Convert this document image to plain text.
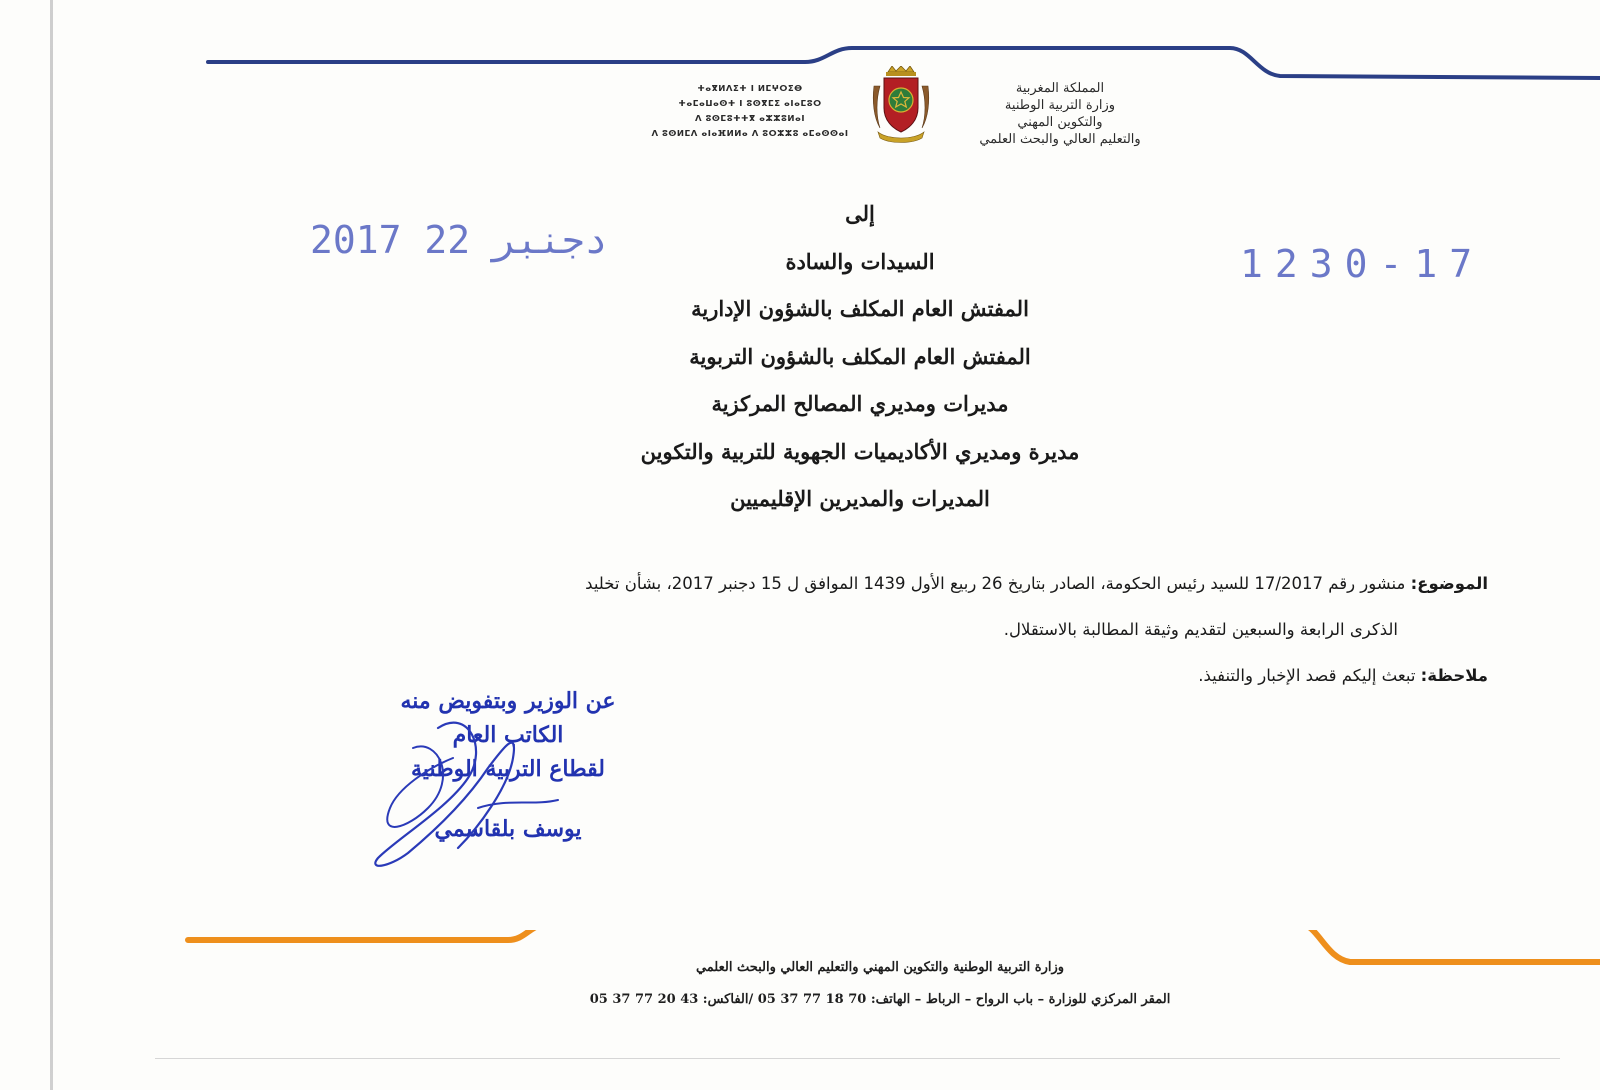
ⵜⴰⴳⵍⴷⵉⵜ ⵏ ⵍⵎⵖⵔⵉⴱ
ⵜⴰⵎⴰⵡⴰⵙⵜ ⵏ ⵓⵙⴳⵎⵉ ⴰⵏⴰⵎⵓⵔ
ⴷ ⵓⵙⵎⵓⵜⵜⴳ ⴰⵣⵣⵓⵍⴰⵏ
ⴷ ⵓⵙⵍⵎⴷ ⴰⵏⴰⴼⵍⵍⴰ ⴷ ⵓⵔⵣⵣⵓ ⴰⵎⴰⵙⵙⴰⵏ
المملكة المغربية
وزارة التربية الوطنية
والتكوين المهني
والتعليم العالي والبحث العلمي
2017 دجنبر 22
1230-17
إلى
السيدات والسادة
المفتش العام المكلف بالشؤون الإدارية
المفتش العام المكلف بالشؤون التربوية
مديرات ومديري المصالح المركزية
مديرة ومديري الأكاديميات الجهوية للتربية والتكوين
المديرات والمديرين الإقليميين
الموضوع: منشور رقم 17/2017 للسيد رئيس الحكومة، الصادر بتاريخ 26 ربيع الأول 1439 الموافق ل 15 دجنبر 2017، بشأن تخليد
الذكرى الرابعة والسبعين لتقديم وثيقة المطالبة بالاستقلال.
ملاحظة: تبعث إليكم قصد الإخبار والتنفيذ.
عن الوزير وبتفويض منه
الكاتب العام
لقطاع التربية الوطنية
يوسف بلقاسمي
وزارة التربية الوطنية والتكوين المهني والتعليم العالي والبحث العلمي
المقر المركزي للوزارة – باب الرواح – الرباط – الهاتف: 70 18 77 37 05 /الفاكس: 43 20 77 37 05
